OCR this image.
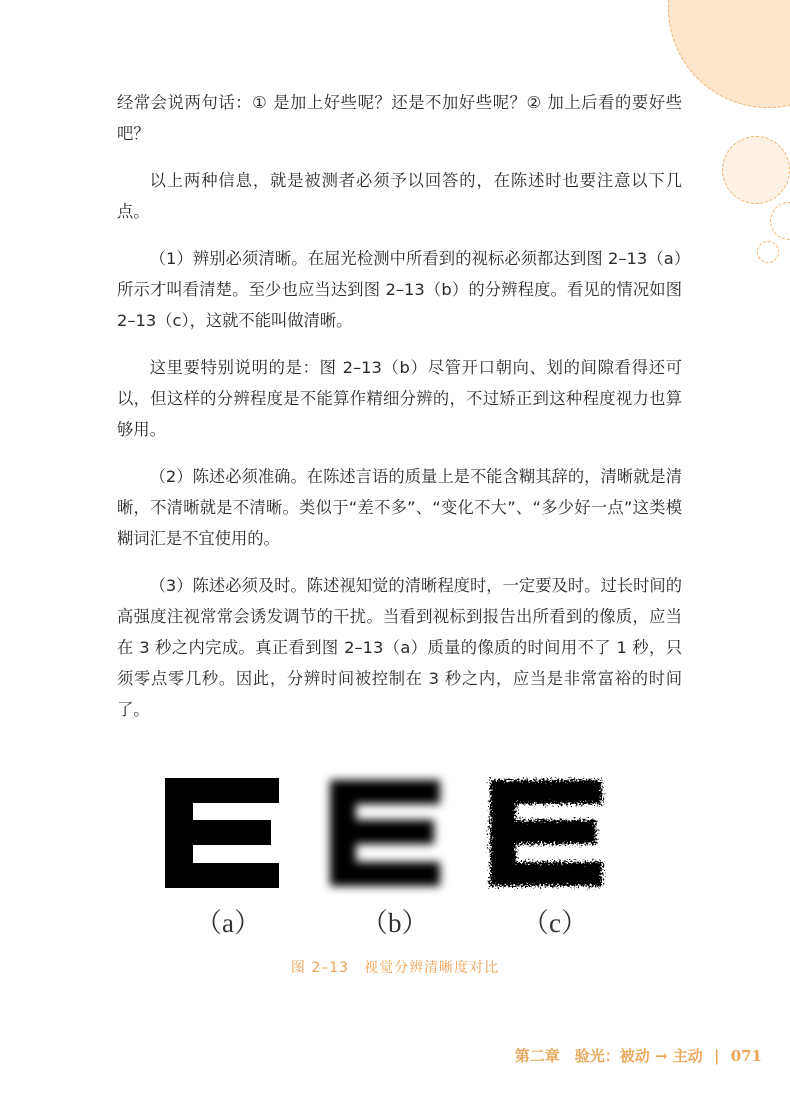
经常会说两句话：① 是加上好些呢？还是不加好些呢？② 加上后看的要好些吧？

以上两种信息，就是被测者必须予以回答的，在陈述时也要注意以下几点。

（1）辨别必须清晰。在屈光检测中所看到的视标必须都达到图 2–13（a）所示才叫看清楚。至少也应当达到图 2–13（b）的分辨程度。看见的情况如图 2–13（c），这就不能叫做清晰。

这里要特别说明的是：图 2–13（b）尽管开口朝向、划的间隙看得还可以，但这样的分辨程度是不能算作精细分辨的，不过矫正到这种程度视力也算够用。

（2）陈述必须准确。在陈述言语的质量上是不能含糊其辞的，清晰就是清晰，不清晰就是不清晰。类似于“差不多”、“变化不大”、“多少好一点”这类模糊词汇是不宜使用的。

（3）陈述必须及时。陈述视知觉的清晰程度时，一定要及时。过长时间的高强度注视常常会诱发调节的干扰。当看到视标到报告出所看到的像质，应当在 3 秒之内完成。真正看到图 2–13（a）质量的像质的时间用不了 1 秒，只须零点零几秒。因此，分辨时间被控制在 3 秒之内，应当是非常富裕的时间了。

（a）	（b）	（c）
图 2–13　视觉分辨清晰度对比
第二章　验光：被动 → 主动 | 071
